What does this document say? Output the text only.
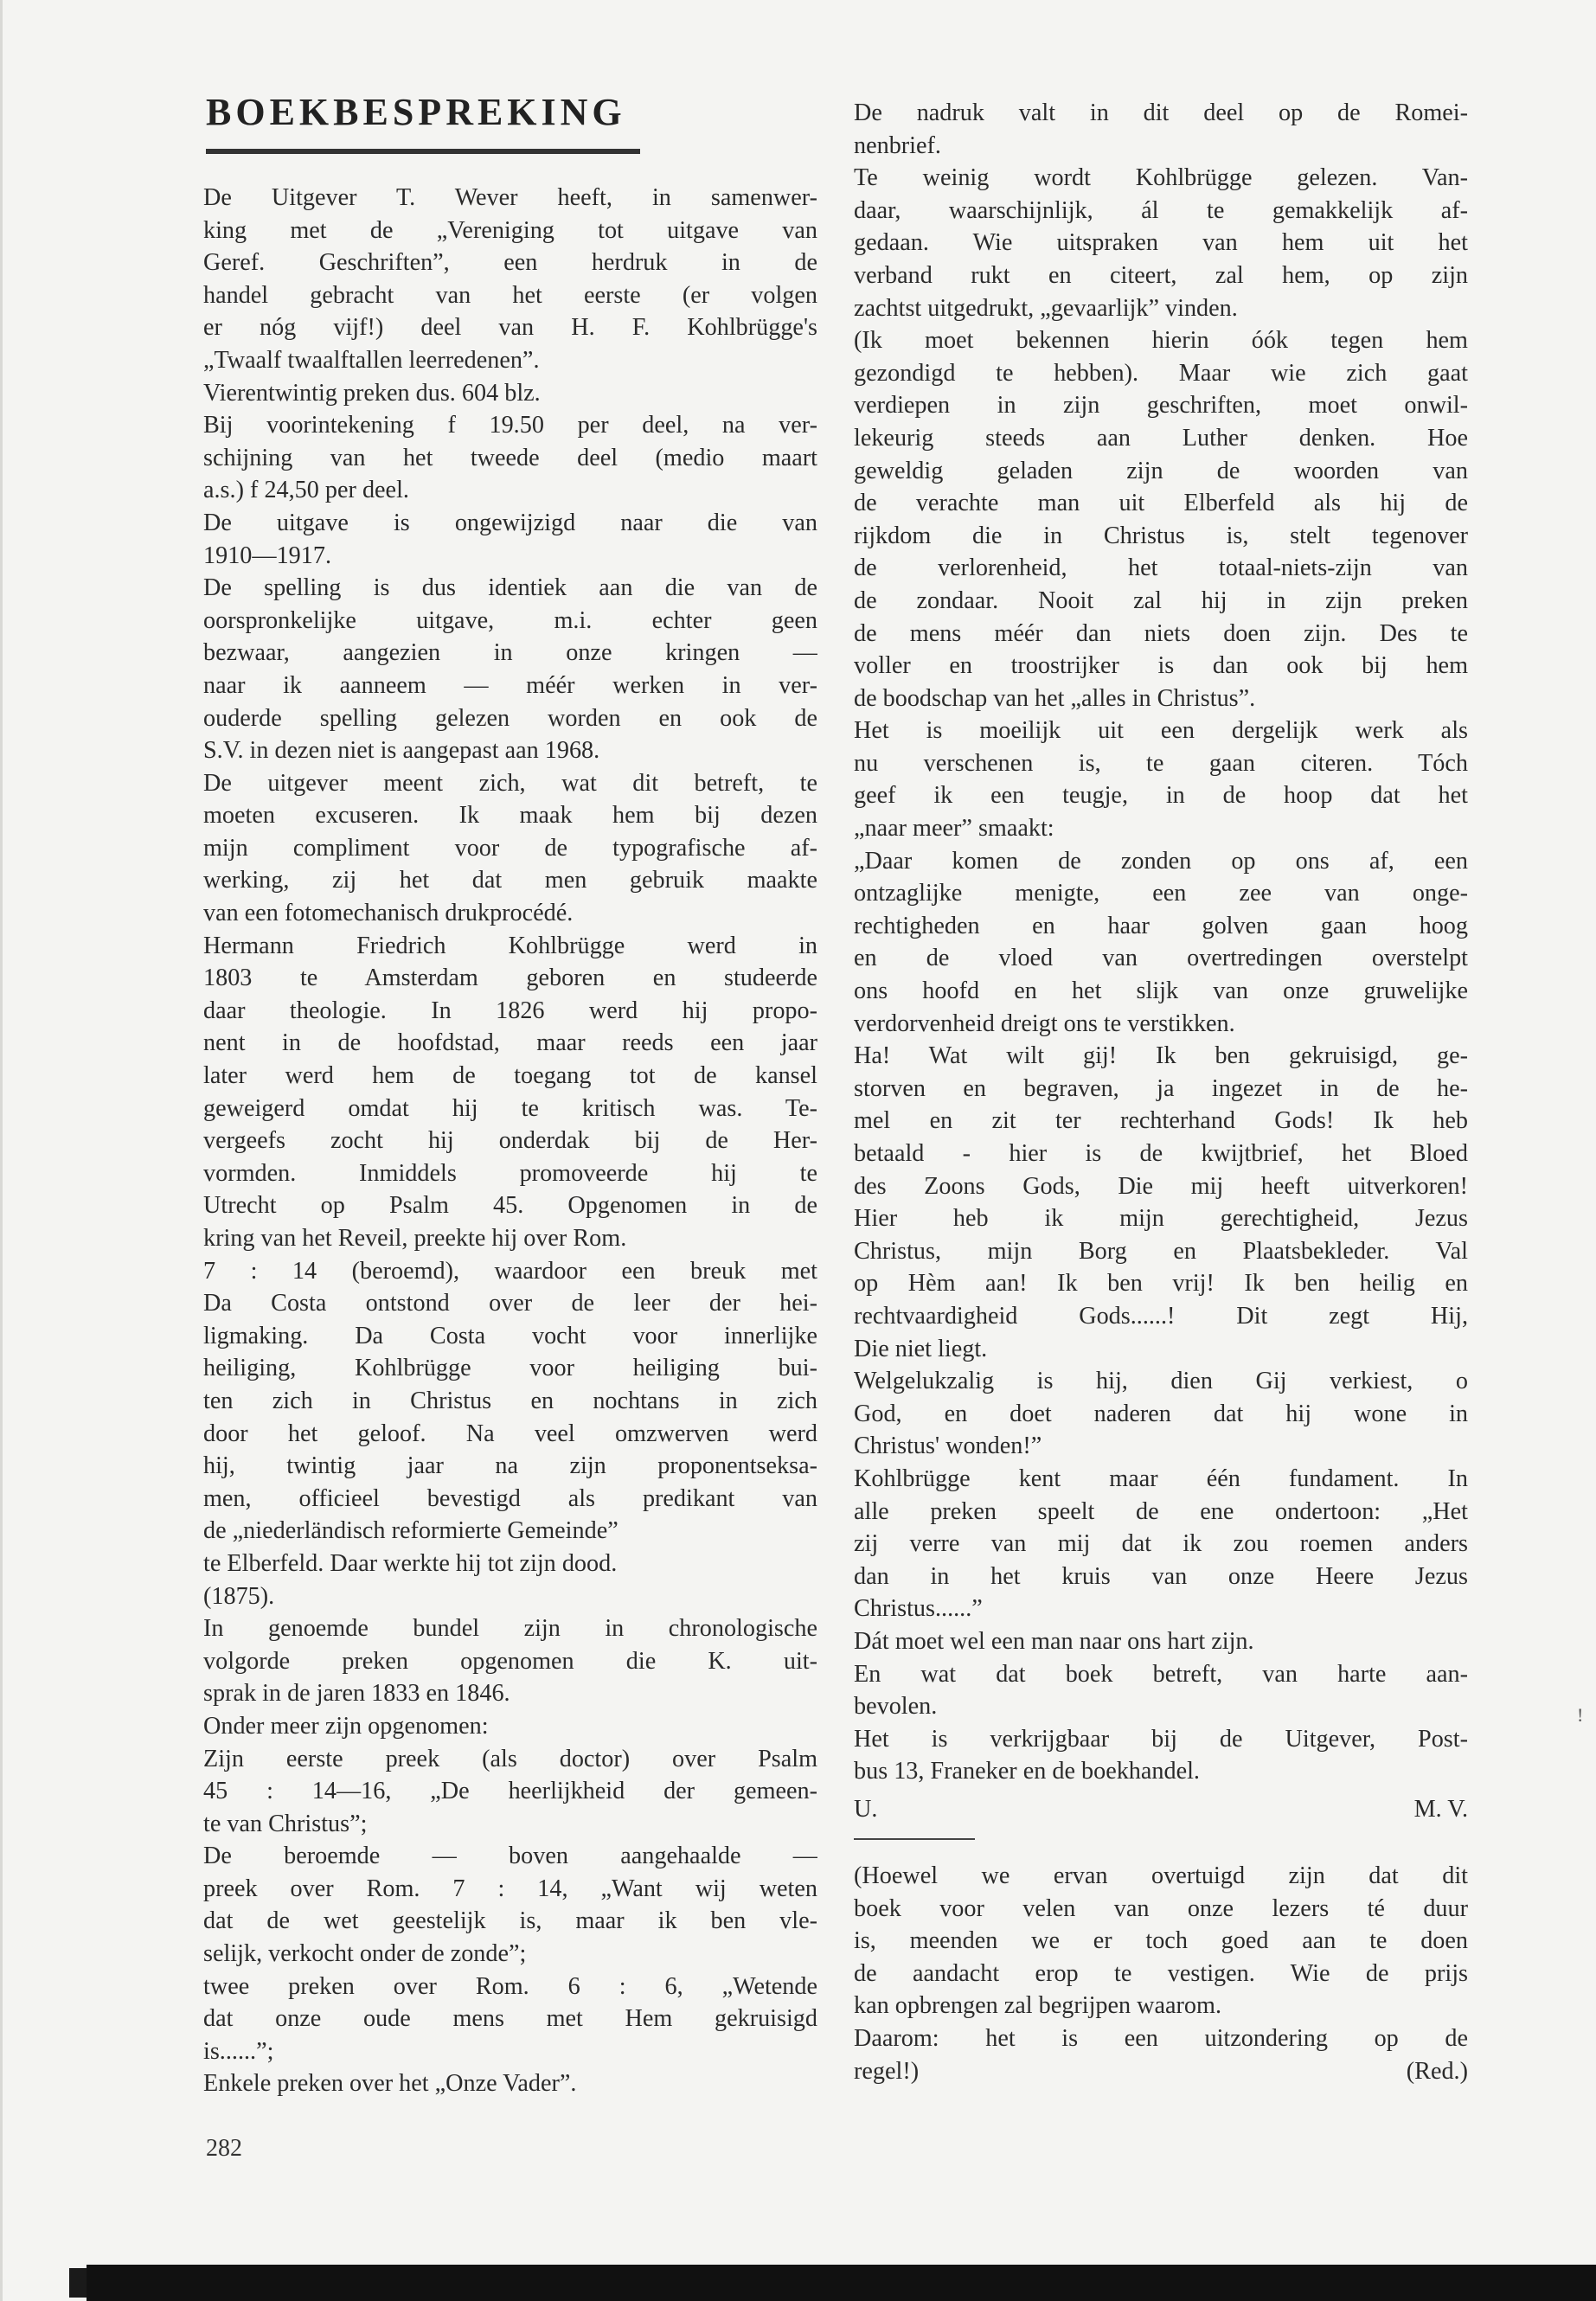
BOEKBESPREKING
De Uitgever T. Wever heeft, in samenwer-
king met de „Vereniging tot uitgave van
Geref. Geschriften”, een herdruk in de
handel gebracht van het eerste (er volgen
er nóg vijf!) deel van H. F. Kohlbrügge's
„Twaalf twaalftallen leerredenen”.
Vierentwintig preken dus. 604 blz.
Bij voorintekening f 19.50 per deel, na ver-
schijning van het tweede deel (medio maart
a.s.) f 24,50 per deel.
De uitgave is ongewijzigd naar die van
1910—1917.
De spelling is dus identiek aan die van de
oorspronkelijke uitgave, m.i. echter geen
bezwaar, aangezien in onze kringen —
naar ik aanneem — méér werken in ver-
ouderde spelling gelezen worden en ook de
S.V. in dezen niet is aangepast aan 1968.
De uitgever meent zich, wat dit betreft, te
moeten excuseren. Ik maak hem bij dezen
mijn compliment voor de typografische af-
werking, zij het dat men gebruik maakte
van een fotomechanisch drukprocédé.
Hermann Friedrich Kohlbrügge werd in
1803 te Amsterdam geboren en studeerde
daar theologie. In 1826 werd hij propo-
nent in de hoofdstad, maar reeds een jaar
later werd hem de toegang tot de kansel
geweigerd omdat hij te kritisch was. Te-
vergeefs zocht hij onderdak bij de Her-
vormden. Inmiddels promoveerde hij te
Utrecht op Psalm 45. Opgenomen in de
kring van het Reveil, preekte hij over Rom.
7 : 14 (beroemd), waardoor een breuk met
Da Costa ontstond over de leer der hei-
ligmaking. Da Costa vocht voor innerlijke
heiliging, Kohlbrügge voor heiliging bui-
ten zich in Christus en nochtans in zich
door het geloof. Na veel omzwerven werd
hij, twintig jaar na zijn proponentseksa-
men, officieel bevestigd als predikant van
de „niederländisch reformierte Gemeinde”
te Elberfeld. Daar werkte hij tot zijn dood.
(1875).
In genoemde bundel zijn in chronologische
volgorde preken opgenomen die K. uit-
sprak in de jaren 1833 en 1846.
Onder meer zijn opgenomen:
Zijn eerste preek (als doctor) over Psalm
45 : 14—16, „De heerlijkheid der gemeen-
te van Christus”;
De beroemde — boven aangehaalde —
preek over Rom. 7 : 14, „Want wij weten
dat de wet geestelijk is, maar ik ben vle-
selijk, verkocht onder de zonde”;
twee preken over Rom. 6 : 6, „Wetende
dat onze oude mens met Hem gekruisigd
is......”;
Enkele preken over het „Onze Vader”.
De nadruk valt in dit deel op de Romei-
nenbrief.
Te weinig wordt Kohlbrügge gelezen. Van-
daar, waarschijnlijk, ál te gemakkelijk af-
gedaan. Wie uitspraken van hem uit het
verband rukt en citeert, zal hem, op zijn
zachtst uitgedrukt, „gevaarlijk” vinden.
(Ik moet bekennen hierin óók tegen hem
gezondigd te hebben). Maar wie zich gaat
verdiepen in zijn geschriften, moet onwil-
lekeurig steeds aan Luther denken. Hoe
geweldig geladen zijn de woorden van
de verachte man uit Elberfeld als hij de
rijkdom die in Christus is, stelt tegenover
de verlorenheid, het totaal-niets-zijn van
de zondaar. Nooit zal hij in zijn preken
de mens méér dan niets doen zijn. Des te
voller en troostrijker is dan ook bij hem
de boodschap van het „alles in Christus”.
Het is moeilijk uit een dergelijk werk als
nu verschenen is, te gaan citeren. Tóch
geef ik een teugje, in de hoop dat het
„naar meer” smaakt:
„Daar komen de zonden op ons af, een
ontzaglijke menigte, een zee van onge-
rechtigheden en haar golven gaan hoog
en de vloed van overtredingen overstelpt
ons hoofd en het slijk van onze gruwelijke
verdorvenheid dreigt ons te verstikken.
Ha! Wat wilt gij! Ik ben gekruisigd, ge-
storven en begraven, ja ingezet in de he-
mel en zit ter rechterhand Gods! Ik heb
betaald - hier is de kwijtbrief, het Bloed
des Zoons Gods, Die mij heeft uitverkoren!
Hier heb ik mijn gerechtigheid, Jezus
Christus, mijn Borg en Plaatsbekleder. Val
op Hèm aan! Ik ben vrij! Ik ben heilig en
rechtvaardigheid Gods......! Dit zegt Hij,
Die niet liegt.
Welgelukzalig is hij, dien Gij verkiest, o
God, en doet naderen dat hij wone in
Christus' wonden!”
Kohlbrügge kent maar één fundament. In
alle preken speelt de ene ondertoon: „Het
zij verre van mij dat ik zou roemen anders
dan in het kruis van onze Heere Jezus
Christus......”
Dát moet wel een man naar ons hart zijn.
En wat dat boek betreft, van harte aan-
bevolen.
Het is verkrijgbaar bij de Uitgever, Post-
bus 13, Franeker en de boekhandel.
U.	M. V.
(Hoewel we ervan overtuigd zijn dat dit
boek voor velen van onze lezers té duur
is, meenden we er toch goed aan te doen
de aandacht erop te vestigen. Wie de prijs
kan opbrengen zal begrijpen waarom.
Daarom: het is een uitzondering op de
regel!)	(Red.)
282
!
